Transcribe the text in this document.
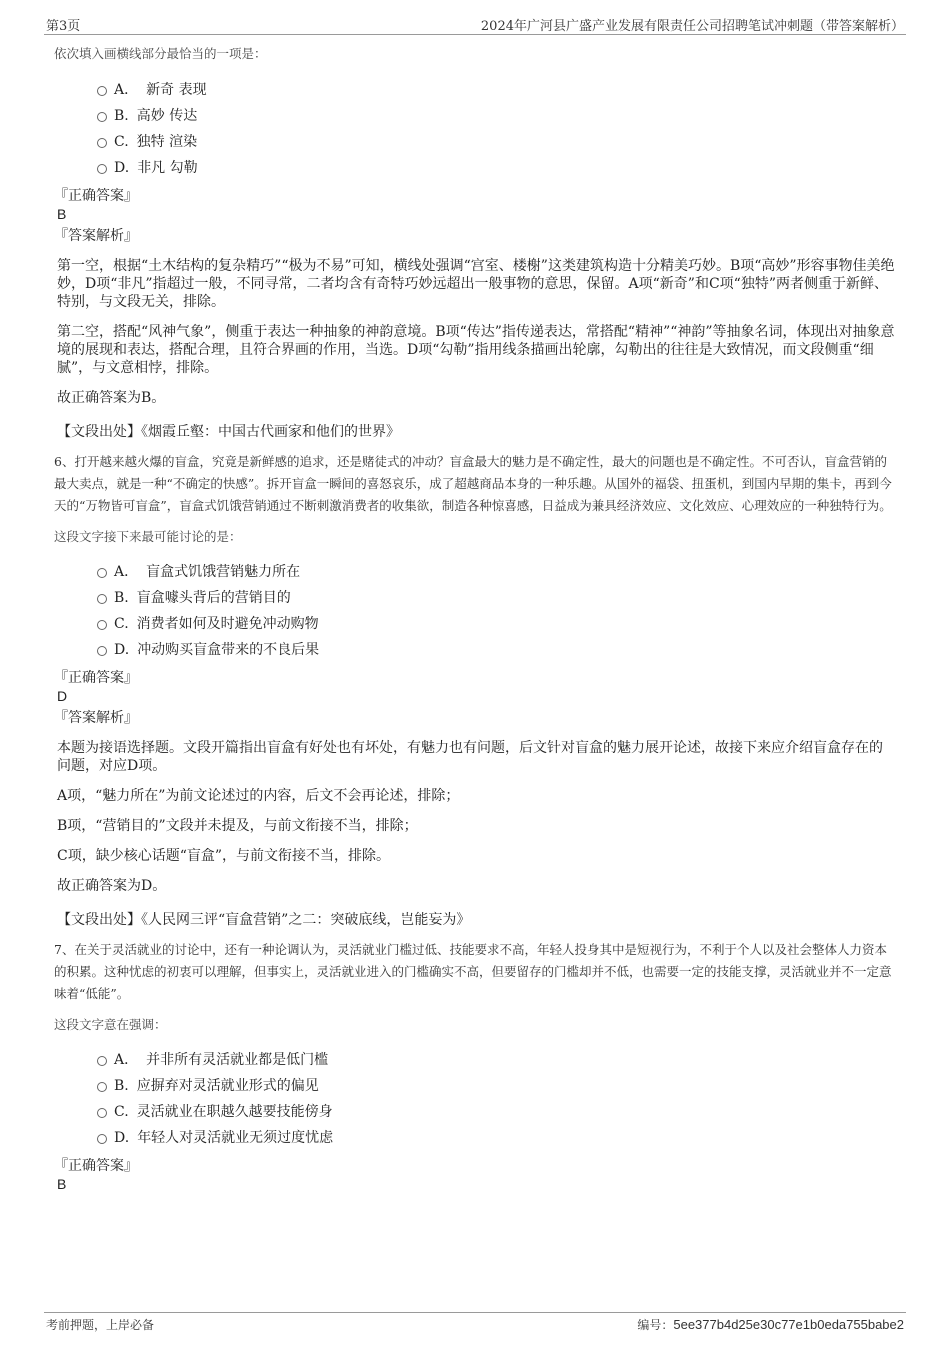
第3页	2024年广河县广盛产业发展有限责任公司招聘笔试冲刺题（带答案解析）

依次填入画横线部分最恰当的一项是：

A． 新奇 表现
B. 高妙 传达
C. 独特 渲染
D. 非凡 勾勒
『正确答案』
B
『答案解析』

第一空，根据“土木结构的复杂精巧”“极为不易”可知，横线处强调“宫室、楼榭”这类建筑构造十分精美巧妙。B项“高妙”形容事物佳美绝妙，D项“非凡”指超过一般，不同寻常，二者均含有奇特巧妙远超出一般事物的意思，保留。A项“新奇”和C项“独特”两者侧重于新鲜、特别，与文段无关，排除。

第二空，搭配“风神气象”，侧重于表达一种抽象的神韵意境。B项“传达”指传递表达，常搭配“精神”“神韵”等抽象名词，体现出对抽象意境的展现和表达，搭配合理，且符合界画的作用，当选。D项“勾勒”指用线条描画出轮廓，勾勒出的往往是大致情况，而文段侧重“细腻”，与文意相悖，排除。

故正确答案为B。

【文段出处】《烟霞丘壑：中国古代画家和他们的世界》

6、打开越来越火爆的盲盒，究竟是新鲜感的追求，还是赌徒式的冲动？盲盒最大的魅力是不确定性，最大的问题也是不确定性。不可否认，盲盒营销的最大卖点，就是一种“不确定的快感”。拆开盲盒一瞬间的喜怒哀乐，成了超越商品本身的一种乐趣。从国外的福袋、扭蛋机，到国内早期的集卡，再到今天的“万物皆可盲盒”，盲盒式饥饿营销通过不断刺激消费者的收集欲，制造各种惊喜感，日益成为兼具经济效应、文化效应、心理效应的一种独特行为。

这段文字接下来最可能讨论的是：

A． 盲盒式饥饿营销魅力所在
B. 盲盒噱头背后的营销目的
C. 消费者如何及时避免冲动购物
D. 冲动购买盲盒带来的不良后果
『正确答案』
D
『答案解析』

本题为接语选择题。文段开篇指出盲盒有好处也有坏处，有魅力也有问题，后文针对盲盒的魅力展开论述，故接下来应介绍盲盒存在的问题，对应D项。

A项，“魅力所在”为前文论述过的内容，后文不会再论述，排除；

B项，“营销目的”文段并未提及，与前文衔接不当，排除；

C项，缺少核心话题“盲盒”，与前文衔接不当，排除。

故正确答案为D。

【文段出处】《人民网三评“盲盒营销”之二：突破底线，岂能妄为》

7、在关于灵活就业的讨论中，还有一种论调认为，灵活就业门槛过低、技能要求不高，年轻人投身其中是短视行为，不利于个人以及社会整体人力资本的积累。这种忧虑的初衷可以理解，但事实上，灵活就业进入的门槛确实不高，但要留存的门槛却并不低，也需要一定的技能支撑，灵活就业并不一定意味着“低能”。

这段文字意在强调：

A． 并非所有灵活就业都是低门槛
B. 应摒弃对灵活就业形式的偏见
C. 灵活就业在职越久越要技能傍身
D. 年轻人对灵活就业无须过度忧虑
『正确答案』
B
考前押题，上岸必备	编号：5ee377b4d25e30c77e1b0eda755babe2
